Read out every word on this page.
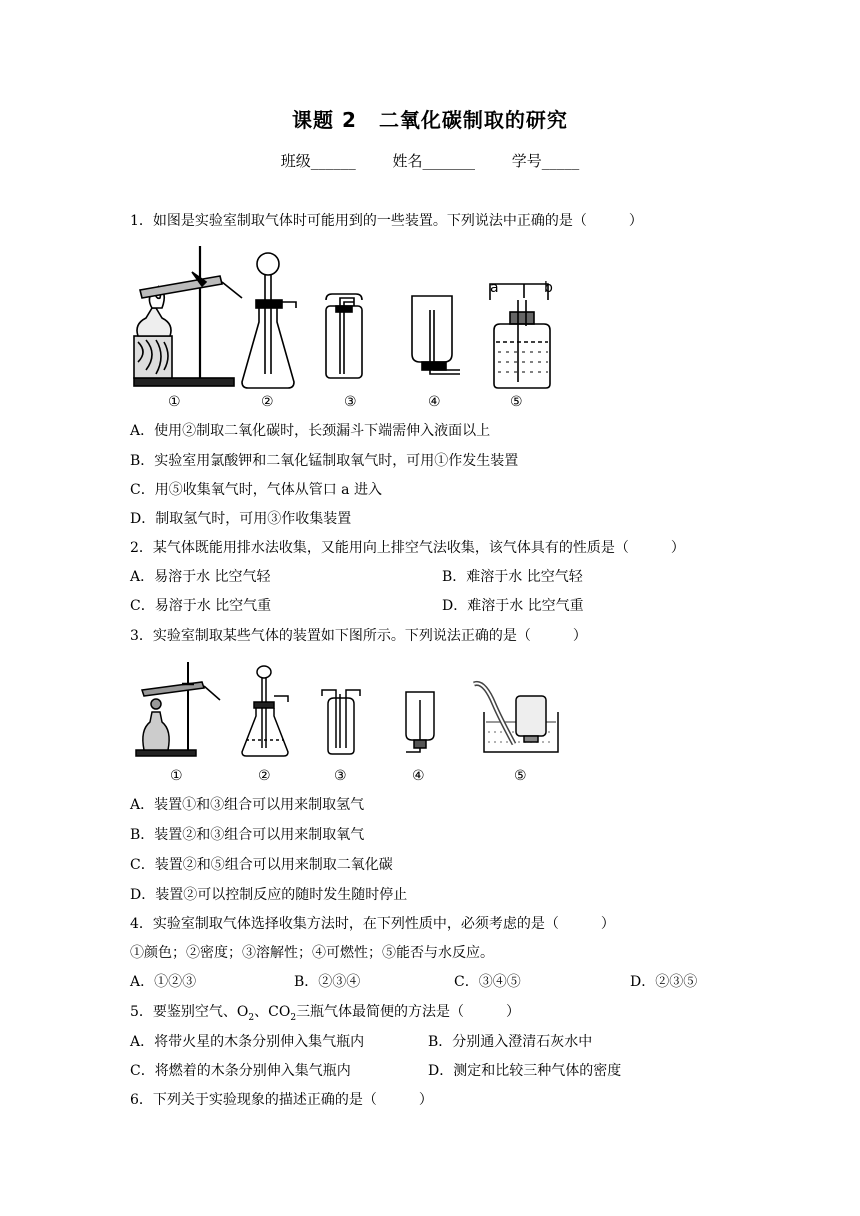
课题 2 二氧化碳制取的研究
班级______ 姓名_______ 学号_____
1．如图是实验室制取气体时可能用到的一些装置。下列说法中正确的是（　　　）
a	b
①	②	③	④	⑤
A．使用②制取二氧化碳时，长颈漏斗下端需伸入液面以上
B．实验室用氯酸钾和二氧化锰制取氧气时，可用①作发生装置
C．用⑤收集氧气时，气体从管口 a 进入
D．制取氢气时，可用③作收集装置
2．某气体既能用排水法收集，又能用向上排空气法收集，该气体具有的性质是（　　　）
A．易溶于水 比空气轻	B．难溶于水 比空气轻
C．易溶于水 比空气重	D．难溶于水 比空气重
3．实验室制取某些气体的装置如下图所示。下列说法正确的是（　　　）
①	②	③	④	⑤
A．装置①和③组合可以用来制取氢气
B．装置②和③组合可以用来制取氧气
C．装置②和⑤组合可以用来制取二氧化碳
D．装置②可以控制反应的随时发生随时停止
4．实验室制取气体选择收集方法时，在下列性质中，必须考虑的是（　　　）
①颜色；②密度；③溶解性；④可燃性；⑤能否与水反应。
A．①②③	B．②③④	C．③④⑤	D．②③⑤
5．要鉴别空气、$O_2$、$CO_2$三瓶气体最简便的方法是（　　　）
A．将带火星的木条分别伸入集气瓶内	B．分别通入澄清石灰水中
C．将燃着的木条分别伸入集气瓶内	D．测定和比较三种气体的密度
6．下列关于实验现象的描述正确的是（　　　）
